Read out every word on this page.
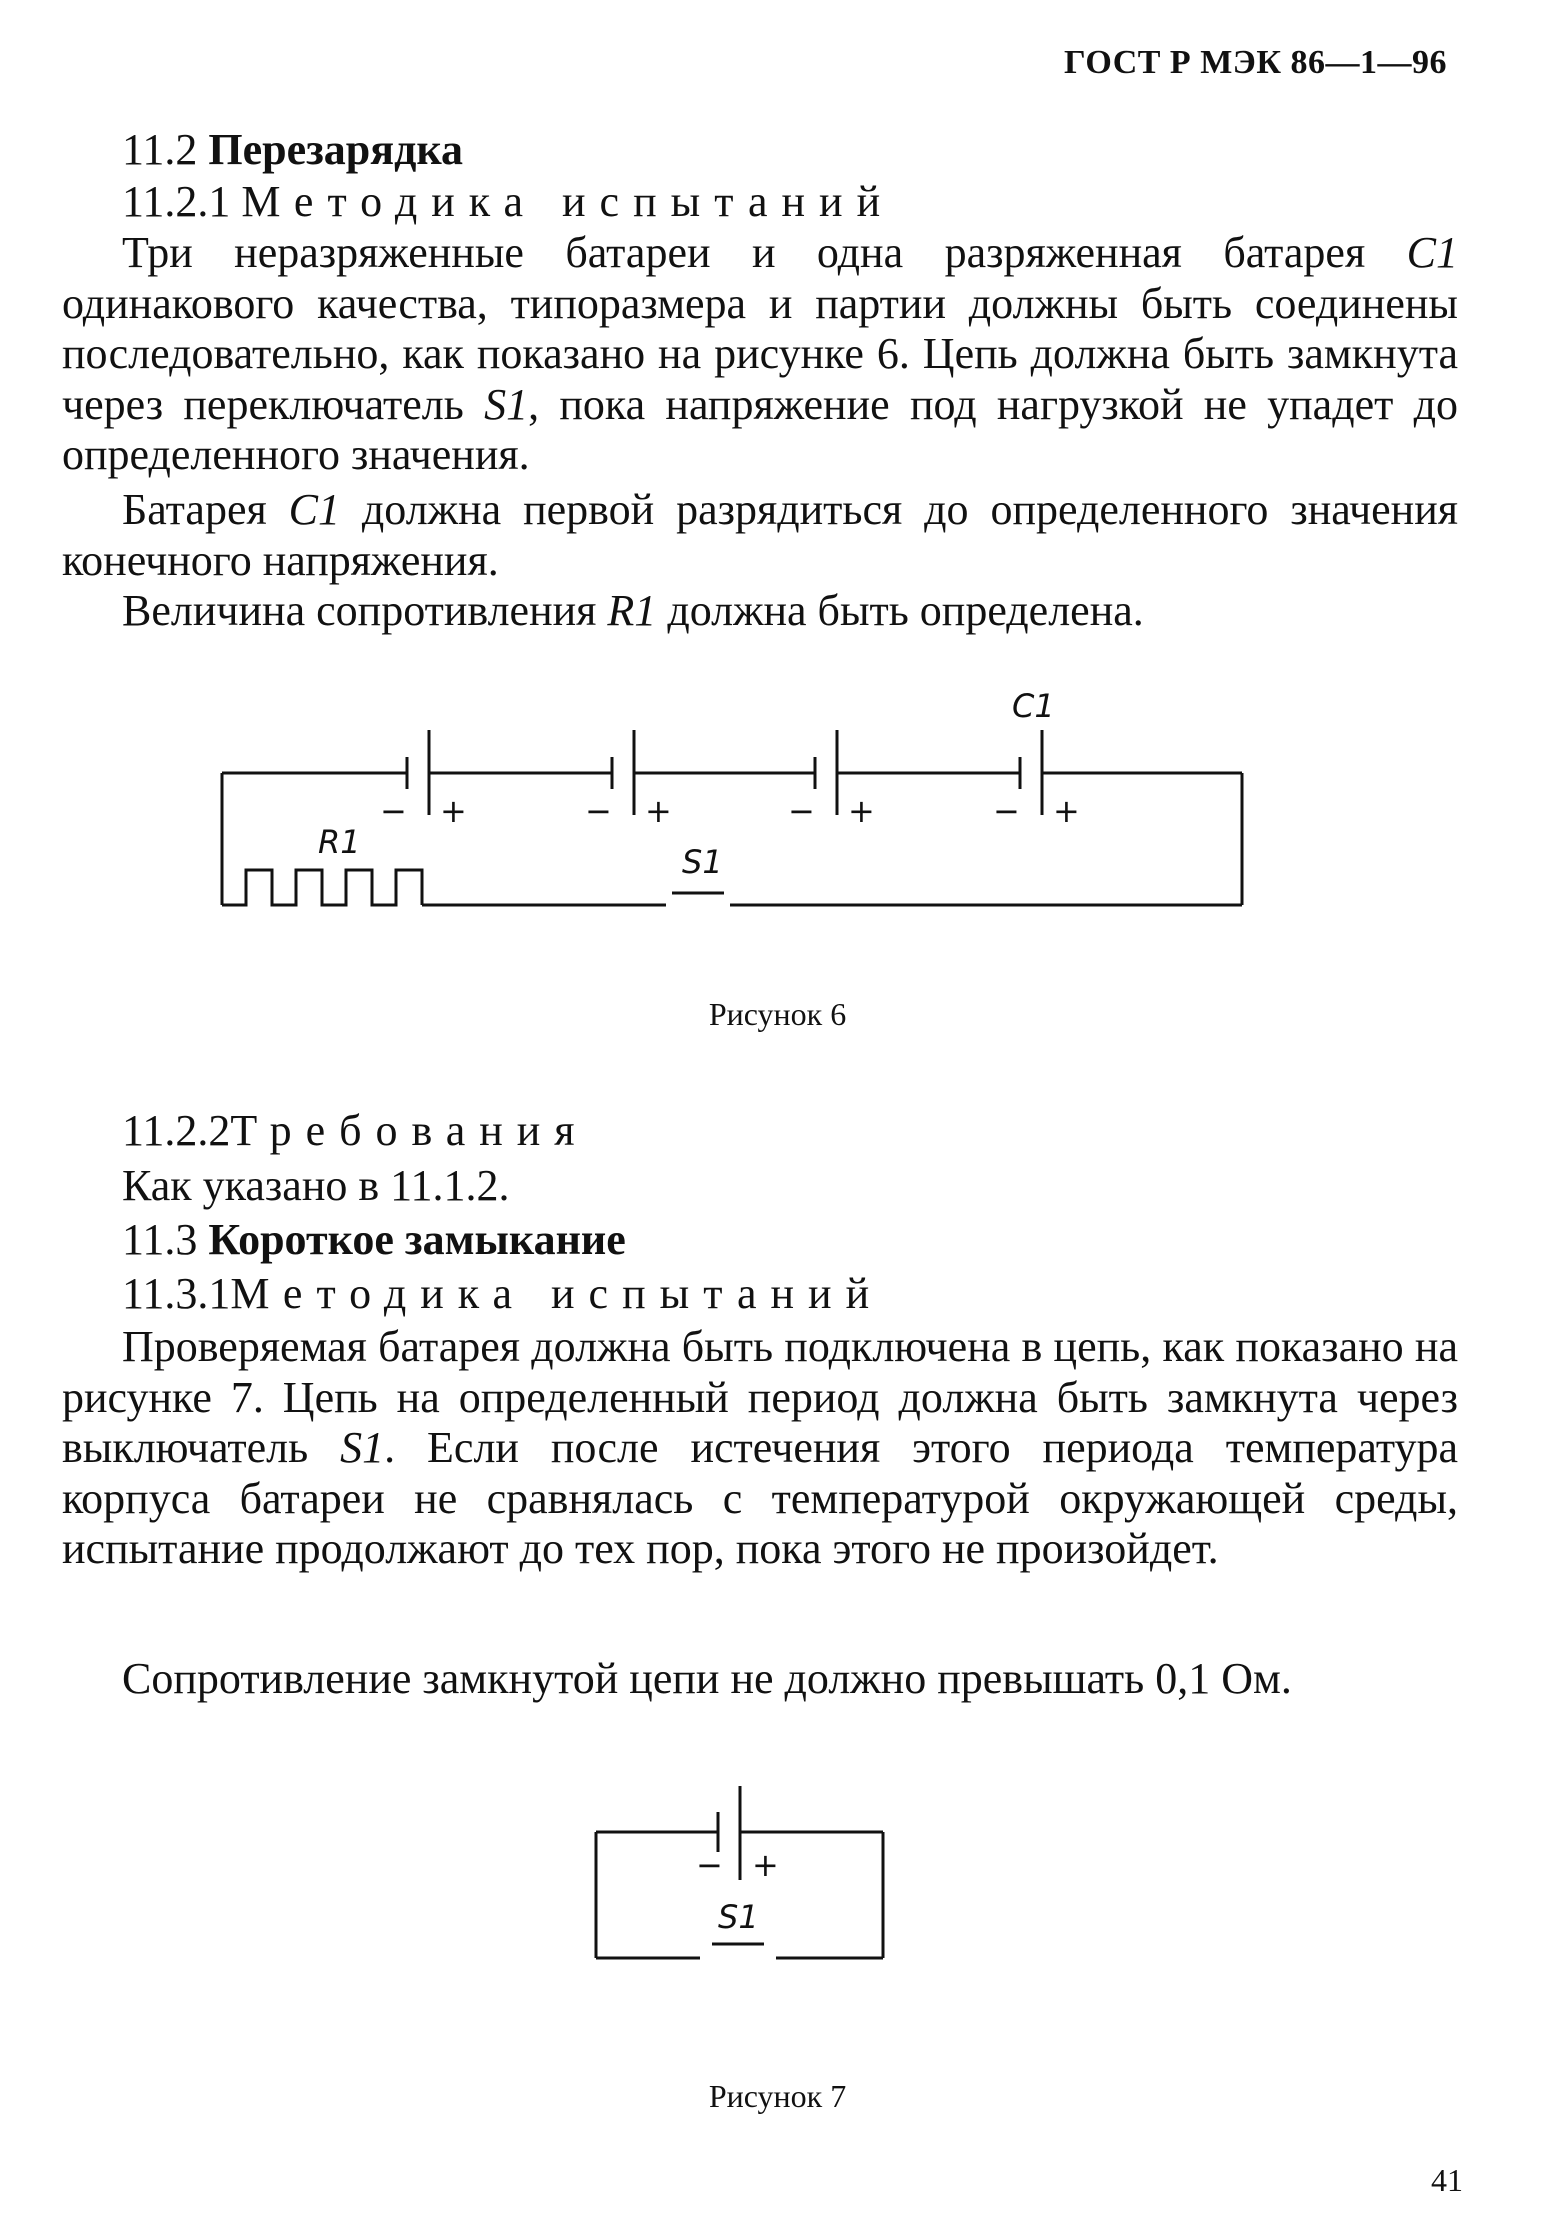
ГОСТ Р МЭК 86—1—96
11.2 Перезарядка
11.2.1 Методика испытаний

Три неразряженные батареи и одна разряженная батарея C1 одинакового качества, типоразмера и партии должны быть соединены последовательно, как показано на рисунке 6. Цепь должна быть замкнута через переключатель S1, пока напряжение под нагрузкой не упадет до определенного значения.

Батарея C1 должна первой разрядиться до определенного значения конечного напряжения.

Величина сопротивления R1 должна быть определена.

C1
R1
S1
− +	− +	− +	− +
Рисунок 6
11.2.2Требования
Как указано в 11.1.2.
11.3 Короткое замыкание
11.3.1Методика испытаний

Проверяемая батарея должна быть подключена в цепь, как показано на рисунке 7. Цепь на определенный период должна быть замкнута через выключатель S1. Если после истечения этого периода температура корпуса батареи не сравнялась с температурой окружающей среды, испытание продолжают до тех пор, пока этого не произойдет.

Сопротивление замкнутой цепи не должно превышать 0,1 Ом.

S1
− +
Рисунок 7
41
